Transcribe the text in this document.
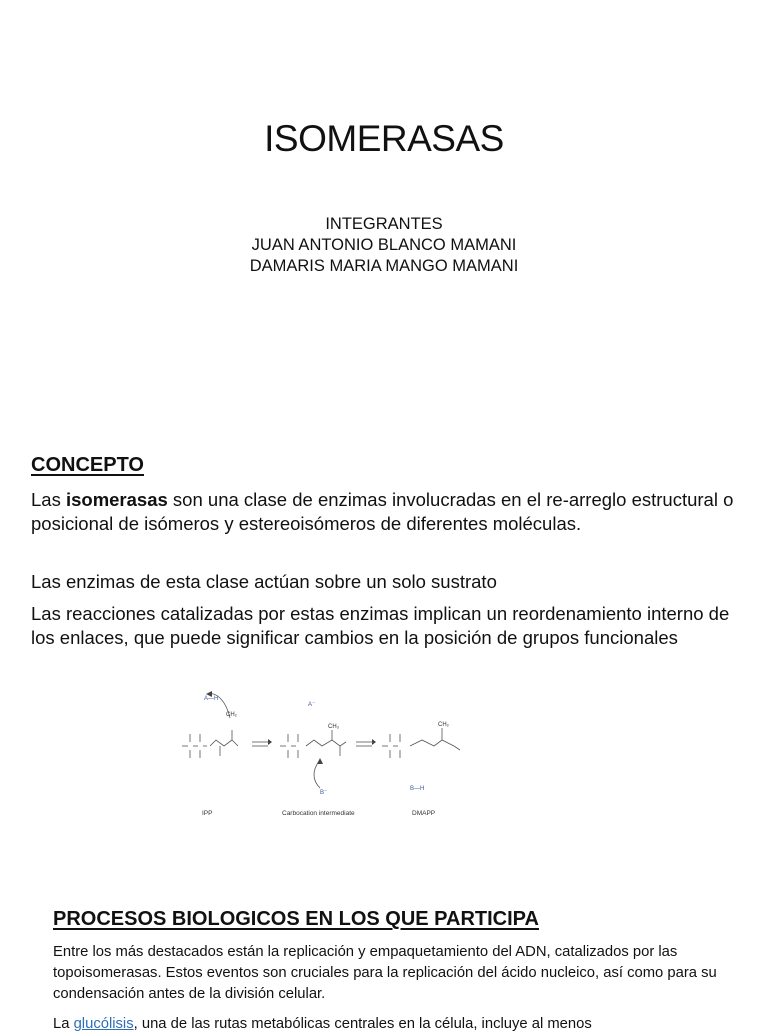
ISOMERASAS
INTEGRANTES
JUAN ANTONIO BLANCO MAMANI
DAMARIS MARIA MANGO MAMANI
CONCEPTO
Las isomerasas son una clase de enzimas involucradas en el re-arreglo estructural o posicional de isómeros y estereoisómeros de diferentes moléculas.
Las enzimas de esta clase actúan sobre un solo sustrato
Las reacciones catalizadas por estas enzimas implican un reordenamiento interno de los enlaces, que puede significar cambios en la posición de grupos funcionales
A—H
CH₂
A⁻
CH₃
B⁻
CH₂
B—H
IPP	Carbocation intermediate	DMAPP
PROCESOS BIOLOGICOS EN LOS QUE PARTICIPA
Entre los más destacados están la replicación y empaquetamiento del ADN, catalizados por las topoisomerasas. Estos eventos son cruciales para la replicación del ácido nucleico, así como para su condensación antes de la división celular.
La glucólisis, una de las rutas metabólicas centrales en la célula, incluye al menos
